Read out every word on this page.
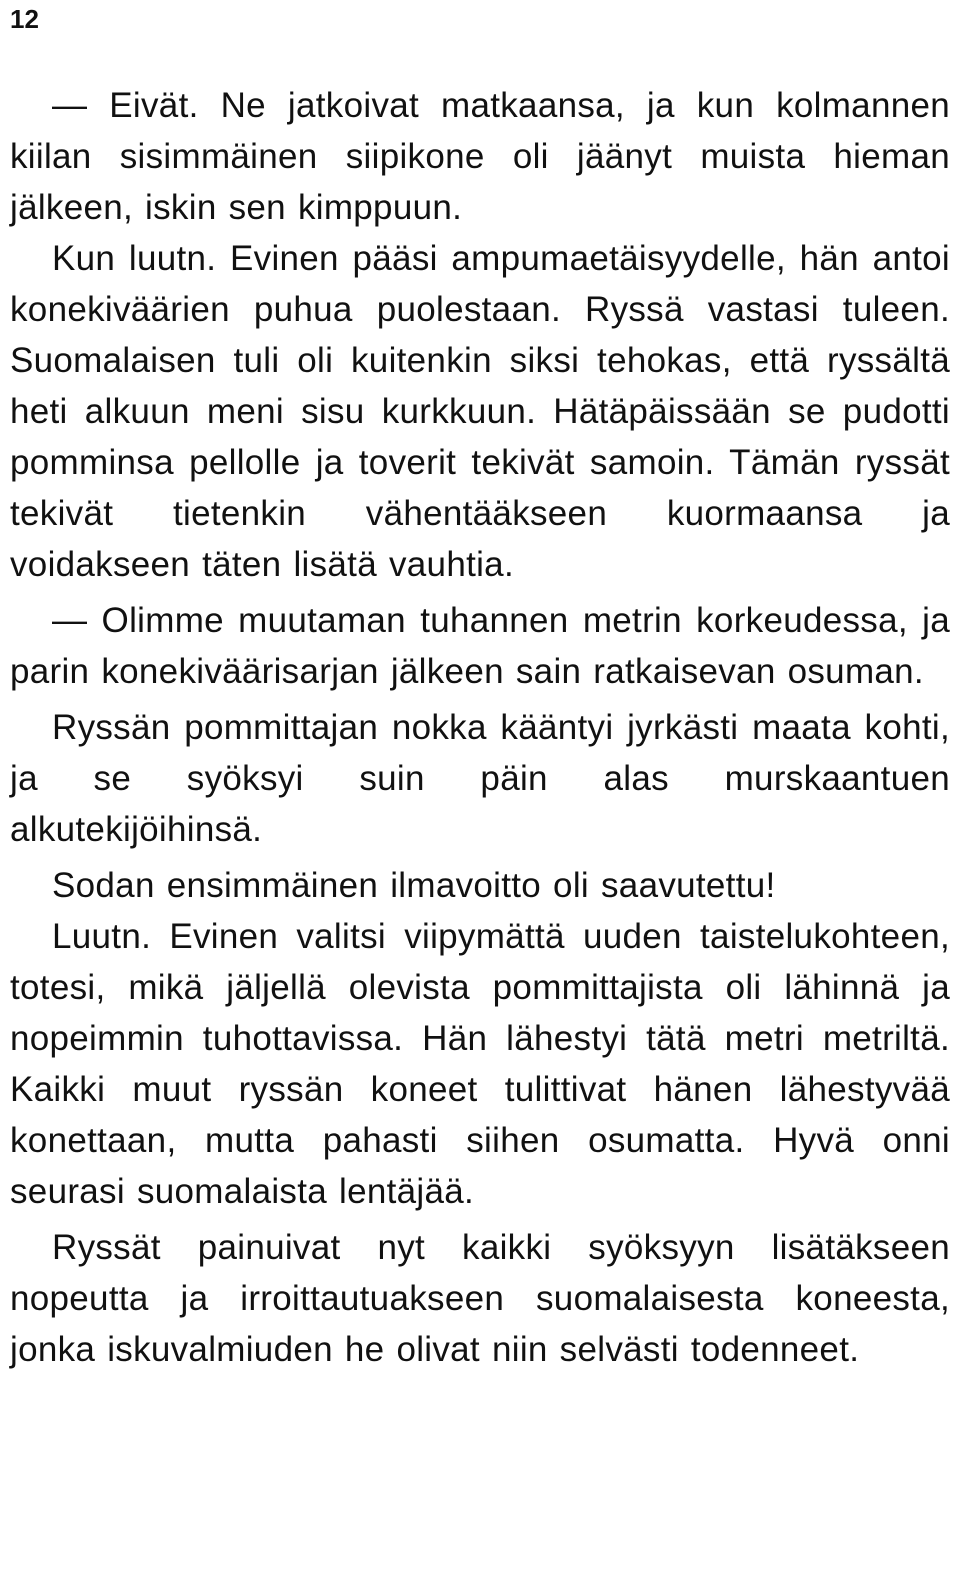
12

— Eivät. Ne jatkoivat matkaansa, ja kun kolmannen kiilan sisimmäinen siipikone oli jäänyt muista hieman jälkeen, iskin sen kimppuun.

Kun luutn. Evinen pääsi ampumaetäisyydelle, hän antoi konekiväärien puhua puolestaan. Ryssä vastasi tuleen. Suomalaisen tuli oli kuitenkin siksi tehokas, että ryssältä heti alkuun meni sisu kurkkuun. Hätäpäissään se pudotti pomminsa pellolle ja toverit tekivät samoin. Tämän ryssät tekivät tietenkin vähentääkseen kuormaansa ja voidakseen täten lisätä vauhtia.

— Olimme muutaman tuhannen metrin korkeudessa, ja parin konekiväärisarjan jälkeen sain ratkaisevan osuman.

Ryssän pommittajan nokka kääntyi jyrkästi maata kohti, ja se syöksyi suin päin alas murskaantuen alkutekijöihinsä.

Sodan ensimmäinen ilmavoitto oli saavutettu!

Luutn. Evinen valitsi viipymättä uuden taistelukohteen, totesi, mikä jäljellä olevista pommittajista oli lähinnä ja nopeimmin tuhottavissa. Hän lähestyi tätä metri metriltä. Kaikki muut ryssän koneet tulittivat hänen lähestyvää konettaan, mutta pahasti siihen osumatta. Hyvä onni seurasi suomalaista lentäjää.

Ryssät painuivat nyt kaikki syöksyyn lisätäkseen nopeutta ja irroittautuakseen suomalaisesta koneesta, jonka iskuvalmiuden he olivat niin selvästi todenneet.
